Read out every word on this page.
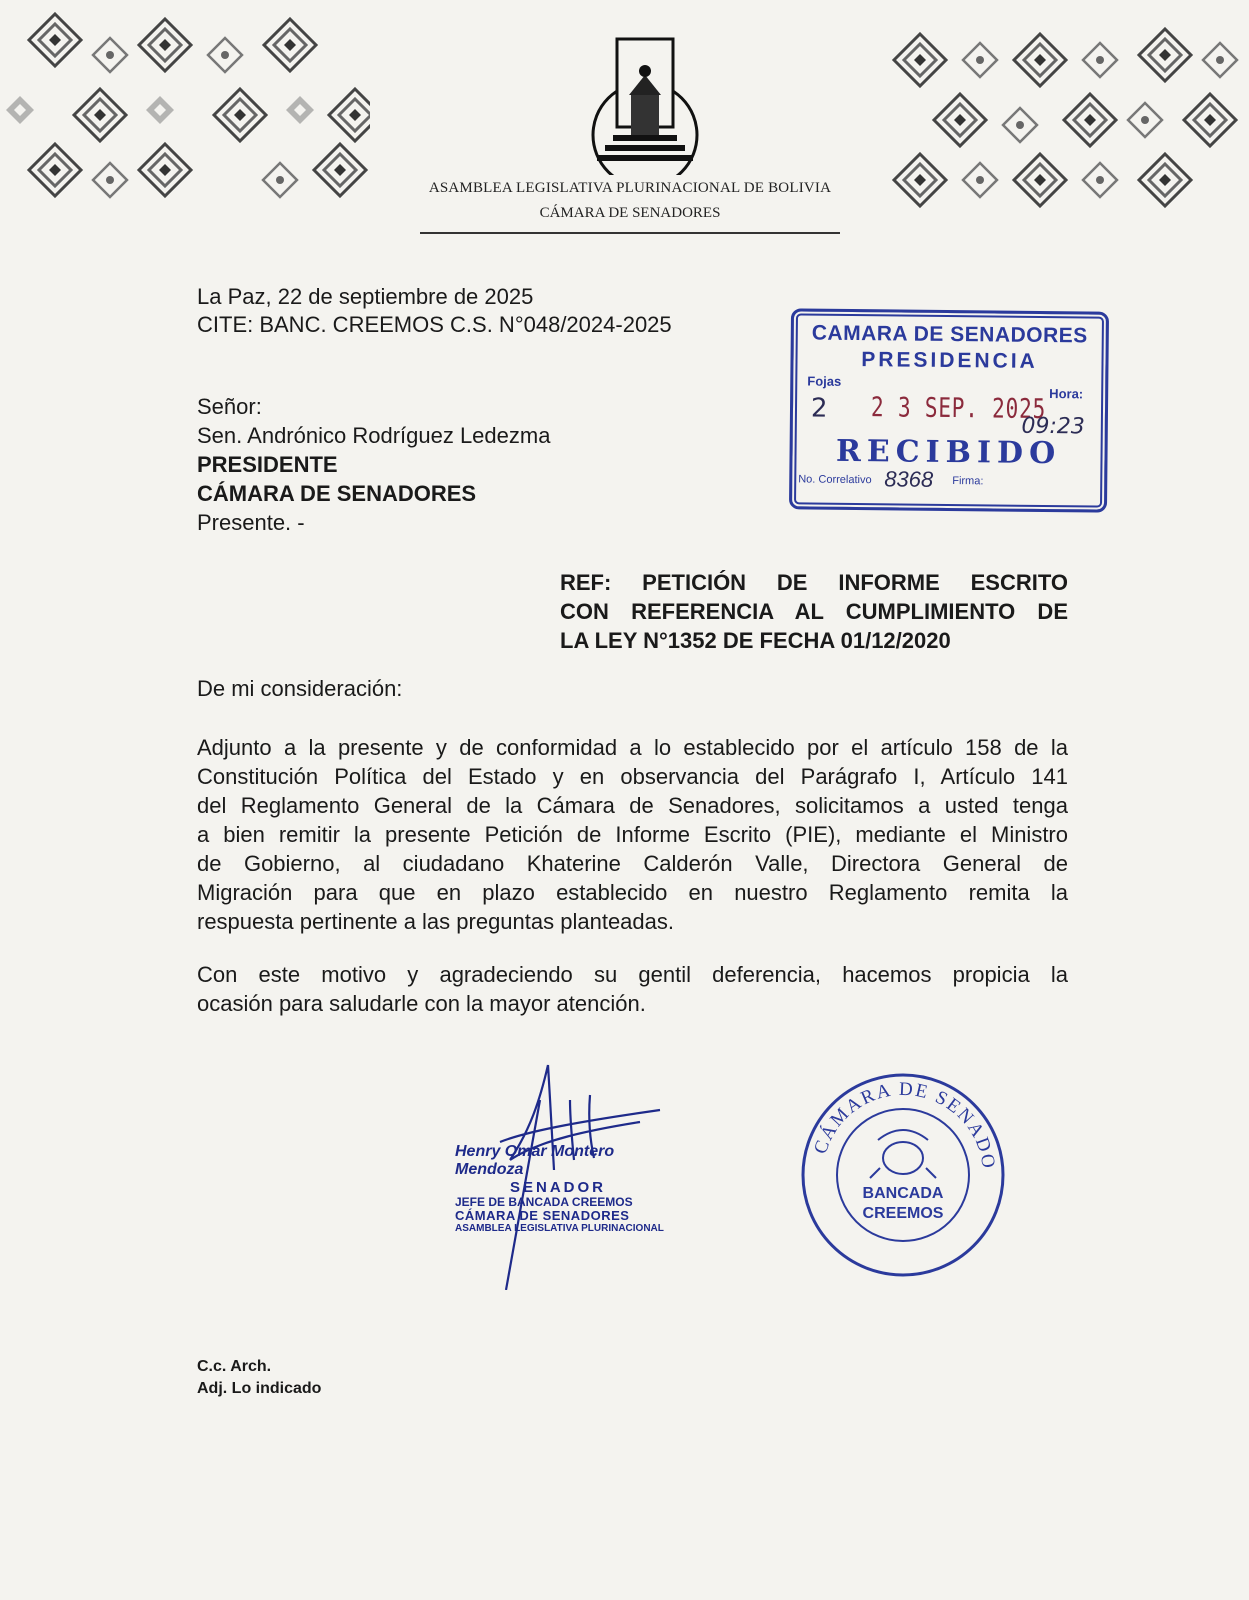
ASAMBLEA LEGISLATIVA PLURINACIONAL DE BOLIVIA
CÁMARA DE SENADORES
La Paz, 22 de septiembre de 2025
CITE: BANC. CREEMOS C.S. N°048/2024-2025	CAMARA DE SENADORES
PRESIDENCIA
Fojas
Hora:
2 2 3 SEP. 2025
09:23
RECIBIDO
No. Correlativo 8368 Firma:
Señor:
Sen. Andrónico Rodríguez Ledezma
PRESIDENTE
CÁMARA DE SENADORES
Presente. -
REF: PETICIÓN DE INFORME ESCRITO
CON REFERENCIA AL CUMPLIMIENTO DE
LA LEY N°1352 DE FECHA 01/12/2020
De mi consideración:
Adjunto a la presente y de conformidad a lo establecido por el artículo 158 de la
Constitución Política del Estado y en observancia del Parágrafo I, Artículo 141
del Reglamento General de la Cámara de Senadores, solicitamos a usted tenga
a bien remitir la presente Petición de Informe Escrito (PIE), mediante el Ministro
de Gobierno, al ciudadano Khaterine Calderón Valle, Directora General de
Migración para que en plazo establecido en nuestro Reglamento remita la
respuesta pertinente a las preguntas planteadas.
Con este motivo y agradeciendo su gentil deferencia, hacemos propicia la
ocasión para saludarle con la mayor atención.
Henry Omar Montero Mendoza
SENADOR
JEFE DE BANCADA CREEMOS
CÁMARA DE SENADORES
ASAMBLEA LEGISLATIVA PLURINACIONAL
CÁMARA DE SENADO
BANCADA
CREEMOS
C.c. Arch.
Adj. Lo indicado
